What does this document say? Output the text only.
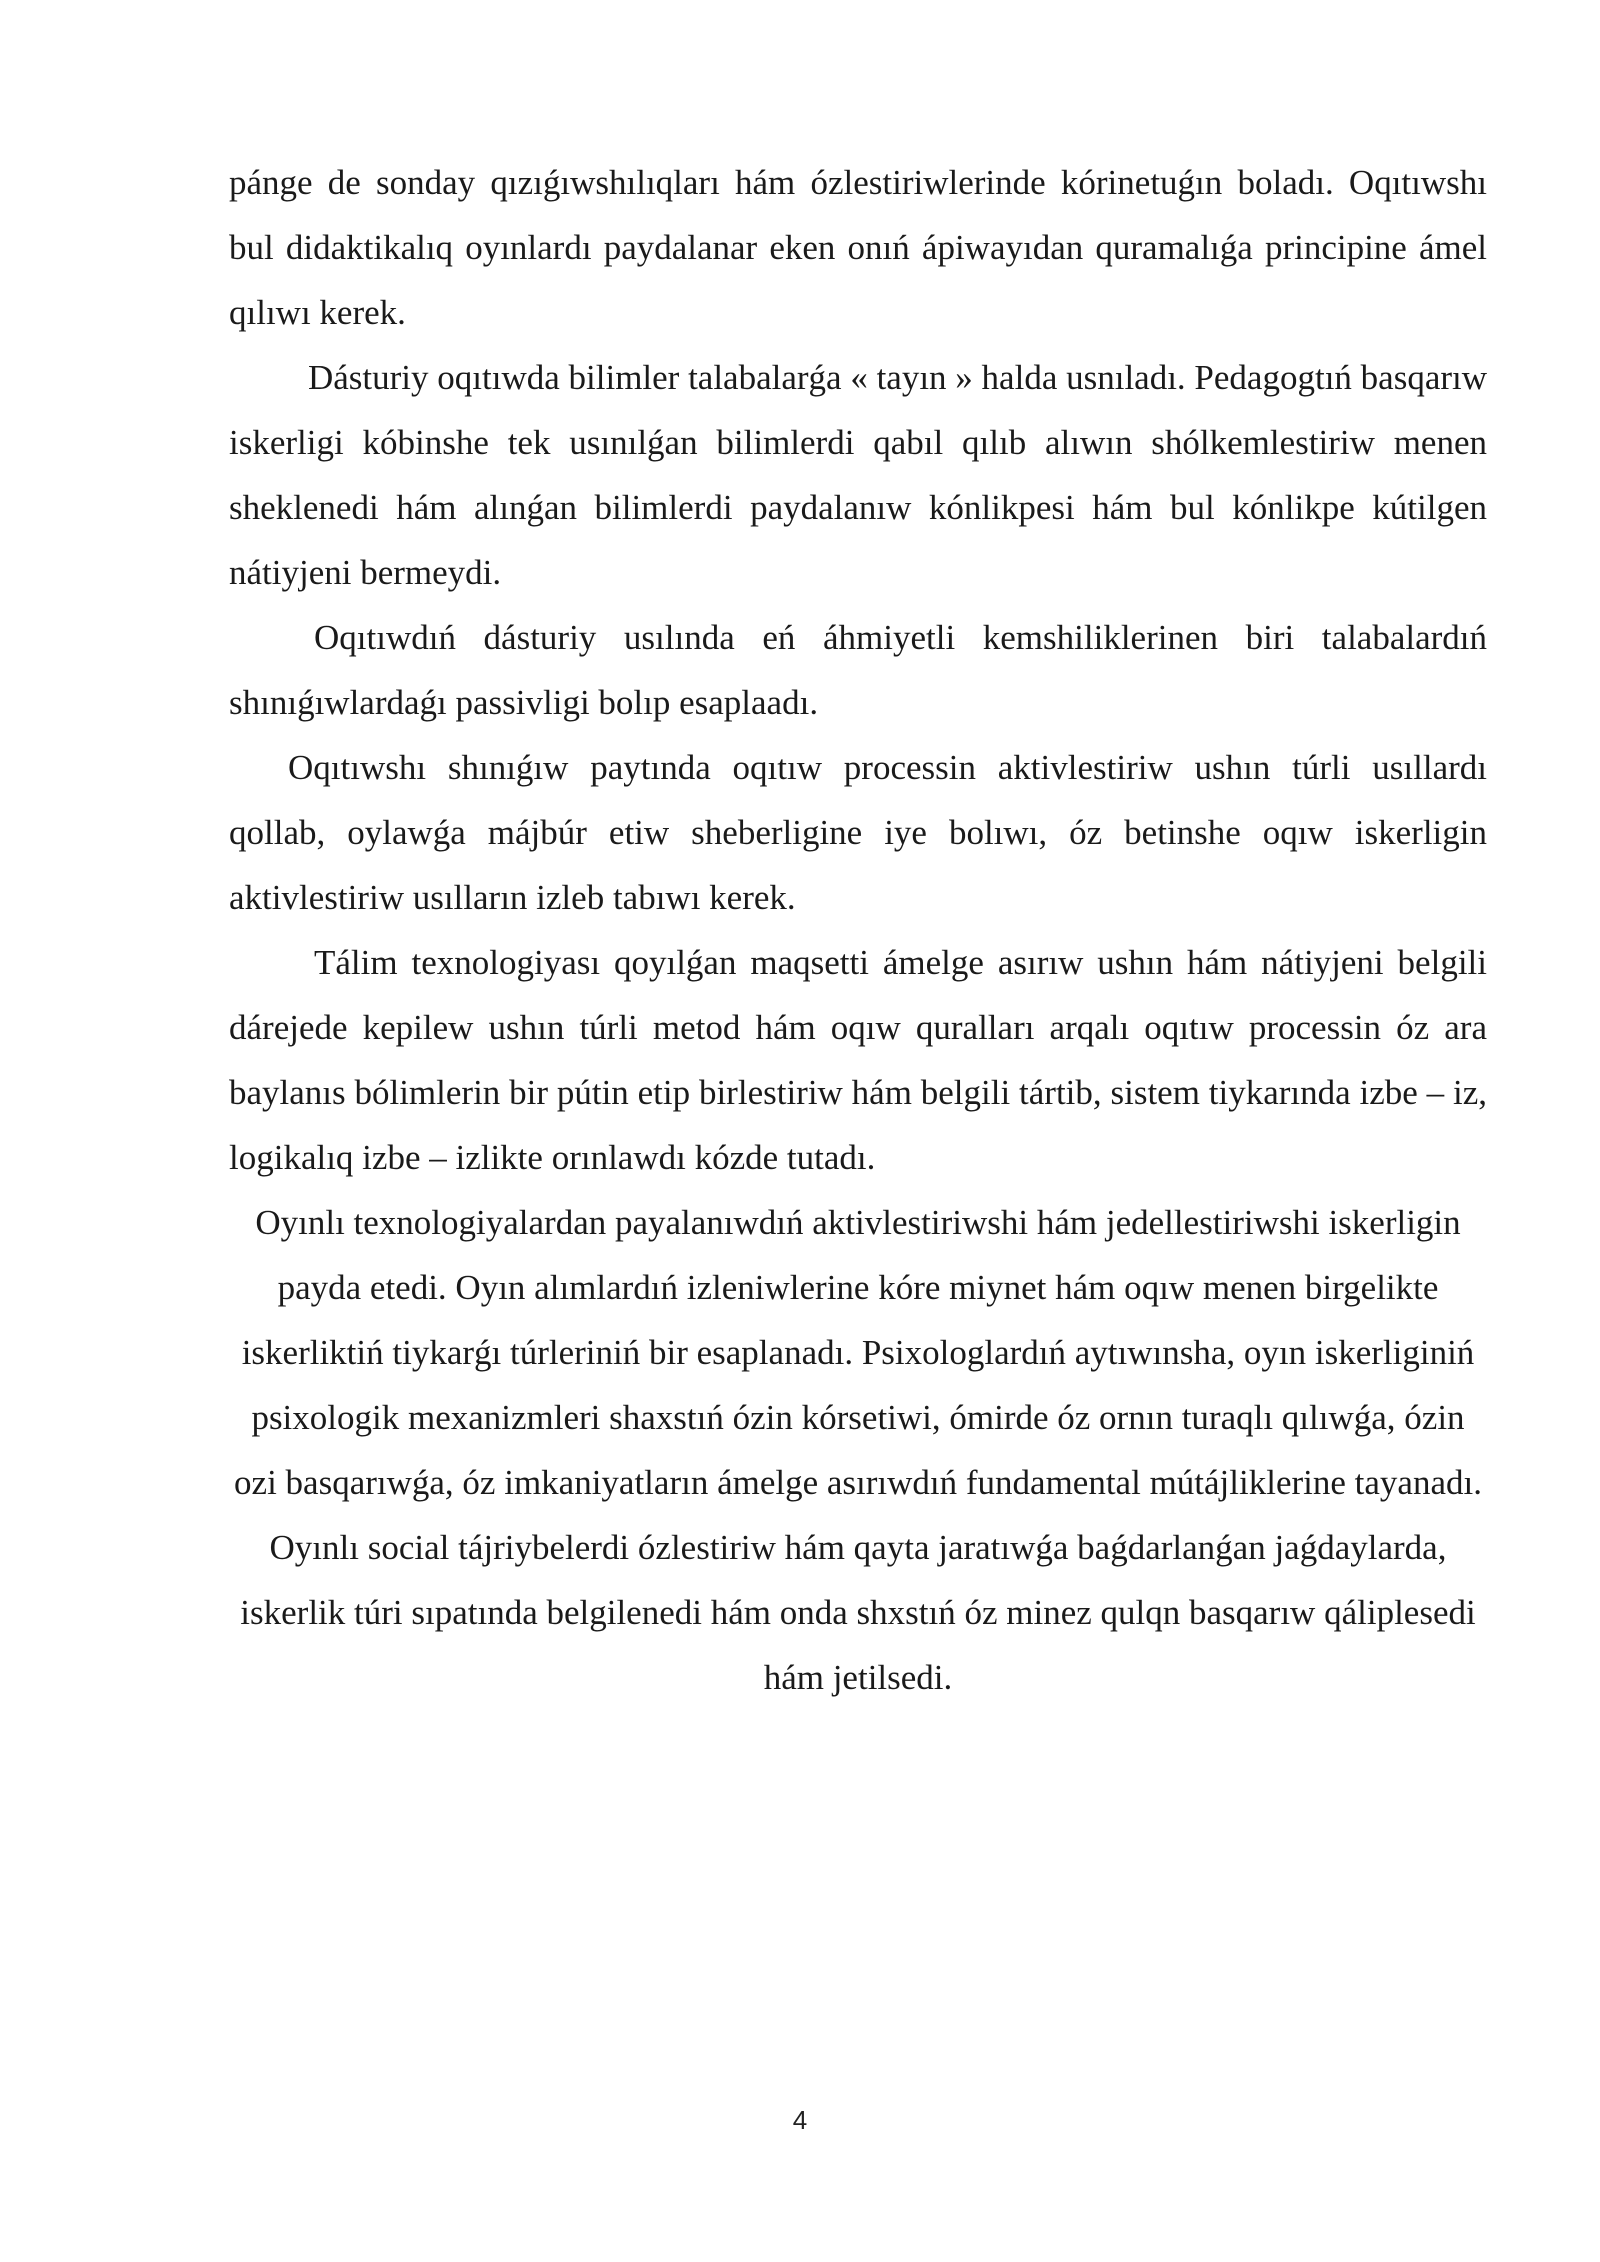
pánge de sonday qızıǵıwshılıqları hám ózlestiriwlerinde kórinetuǵın boladı. Oqıtıwshı bul didaktikalıq oyınlardı paydalanar eken onıń ápiwayıdan quramalıǵa principine ámel qılıwı kerek.

Dásturiy oqıtıwda bilimler talabalarǵa « tayın » halda usnıladı. Pedagogtıń basqarıw iskerligi kóbinshe tek usınılǵan bilimlerdi qabıl qılıb alıwın shólkemlestiriw menen sheklenedi hám alınǵan bilimlerdi paydalanıw kónlikpesi hám bul kónlikpe kútilgen nátiyjeni bermeydi.

Oqıtıwdıń dásturiy usılında eń áhmiyetli kemshiliklerinen biri talabalardıń shınıǵıwlardaǵı passivligi bolıp esaplaadı.

Oqıtıwshı shınıǵıw paytında oqıtıw processin aktivlestiriw ushın túrli usıllardı qollab, oylawǵa májbúr etiw sheberligine iye bolıwı, óz betinshe oqıw iskerligin aktivlestiriw usılların izleb tabıwı kerek.

Tálim texnologiyası qoyılǵan maqsetti ámelge asırıw ushın hám nátiyjeni belgili dárejede kepilew ushın túrli metod hám oqıw quralları arqalı oqıtıw processin óz ara baylanıs bólimlerin bir pútin etip birlestiriw hám belgili tártib, sistem tiykarında izbe – iz, logikalıq izbe – izlikte orınlawdı kózde tutadı.

Oyınlı texnologiyalardan payalanıwdıń aktivlestiriwshi hám jedellestiriwshi iskerligin payda etedi. Oyın alımlardıń izleniwlerine kóre miynet hám oqıw menen birgelikte iskerliktiń tiykarǵı túrleriniń bir esaplanadı. Psixologlardıń aytıwınsha, oyın iskerliginiń psixologik mexanizmleri shaxstıń ózin kórsetiwi, ómirde óz ornın turaqlı qılıwǵa, ózin ozi basqarıwǵa, óz imkaniyatların ámelge asırıwdıń fundamental mútájliklerine tayanadı. Oyınlı social tájriybelerdi ózlestiriw hám qayta jaratıwǵa baǵdarlanǵan jaǵdaylarda, iskerlik túri sıpatında belgilenedi hám onda shxstıń óz minez qulqn basqarıw qáliplesedi hám jetilsedi.

4
